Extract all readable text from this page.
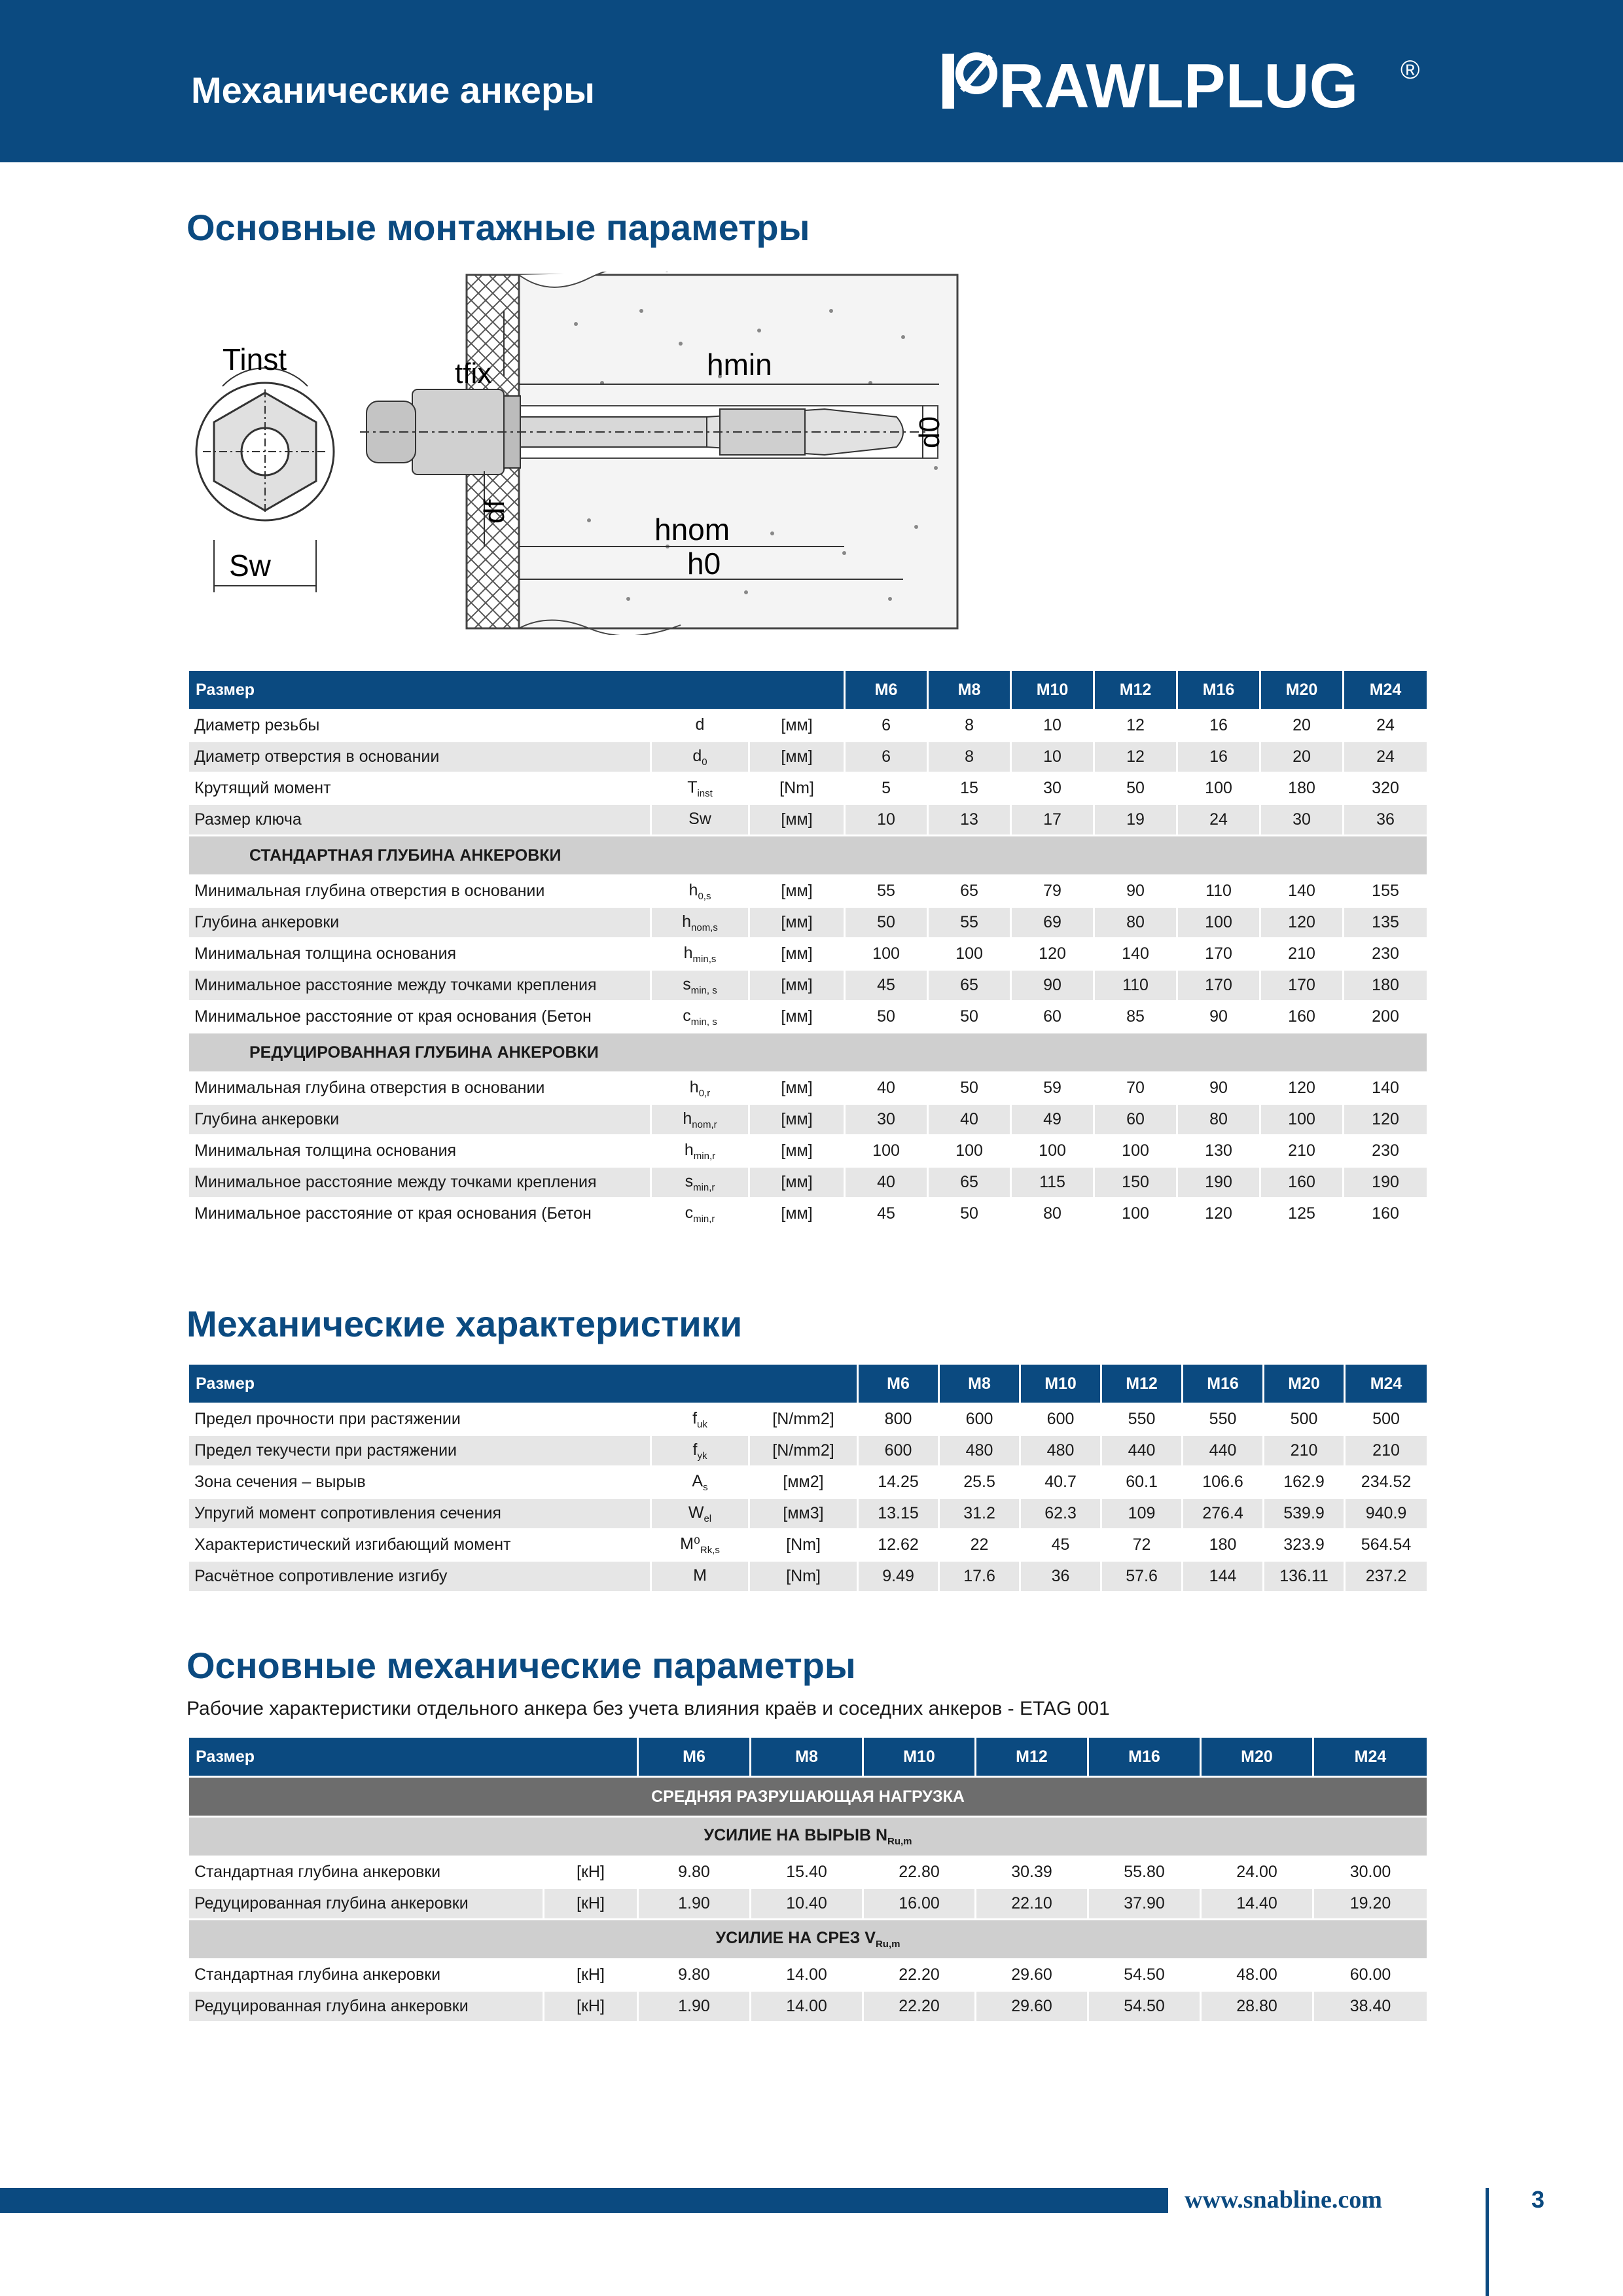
Механические анкеры	RAWLPLUG ®
Основные монтажные параметры
tfix	hmin
d0
df
hnom
h0
Tinst
Sw
Размер			M6	M8	M10	M12	M16	M20	M24
Диаметр резьбы	d	[мм]	6	8	10	12	16	20	24
Диаметр отверстия в основании	$d_0$	[мм]	6	8	10	12	16	20	24
Крутящий момент	$T_{inst}$	[Nm]	5	15	30	50	100	180	320
Размер ключа	Sw	[мм]	10	13	17	19	24	30	36
СТАНДАРТНАЯ ГЛУБИНА АНКЕРОВКИ									
Минимальная глубина отверстия в основании	$h_{0,s}$	[мм]	55	65	79	90	110	140	155
Глубина анкеровки	$h_{nom,s}$	[мм]	50	55	69	80	100	120	135
Минимальная толщина основания	$h_{min,s}$	[мм]	100	100	120	140	170	210	230
Минимальное расстояние между точками крепления	$s_{min, s}$	[мм]	45	65	90	110	170	170	180
Минимальное расстояние от края основания (Бетон	$c_{min, s}$	[мм]	50	50	60	85	90	160	200
РЕДУЦИРОВАННАЯ ГЛУБИНА АНКЕРОВКИ									
Минимальная глубина отверстия в основании	$h_{0,r}$	[мм]	40	50	59	70	90	120	140
Глубина анкеровки	$h_{nom,r}$	[мм]	30	40	49	60	80	100	120
Минимальная толщина основания	$h_{min,r}$	[мм]	100	100	100	100	130	210	230
Минимальное расстояние между точками крепления	$s_{min,r}$	[мм]	40	65	115	150	190	160	190
Минимальное расстояние от края основания (Бетон	$c_{min,r}$	[мм]	45	50	80	100	120	125	160
Механические характеристики
Размер			M6	M8	M10	M12	M16	M20	M24
Предел прочности при растяжении	$f_{uk}$	[N/mm2]	800	600	600	550	550	500	500
Предел текучести при растяжении	$f_{yk}$	[N/mm2]	600	480	480	440	440	210	210
Зона сечения – вырыв	$A_s$	[мм2]	14.25	25.5	40.7	60.1	106.6	162.9	234.52
Упругий момент сопротивления сечения	$W_{el}$	[мм3]	13.15	31.2	62.3	109	276.4	539.9	940.9
Характеристический изгибающий момент	$M^0_{Rk,s}$	[Nm]	12.62	22	45	72	180	323.9	564.54
Расчётное сопротивление изгибу	M	[Nm]	9.49	17.6	36	57.6	144	136.11	237.2
Основные механические параметры
Рабочие характеристики отдельного анкера без учета влияния краёв и соседних анкеров - ETAG 001
Размер		M6	M8	M10	M12	M16	M20	M24
СРЕДНЯЯ РАЗРУШАЮЩАЯ НАГРУЗКА								
УСИЛИЕ НА ВЫРЫВ $N_{Ru,m}$
Стандартная глубина анкеровки	[кН]	9.80	15.40	22.80	30.39	55.80	24.00	30.00
Редуцированная глубина анкеровки	[кН]	1.90	10.40	16.00	22.10	37.90	14.40	19.20
УСИЛИЕ НА СРЕЗ $V_{Ru,m}$
Стандартная глубина анкеровки	[кН]	9.80	14.00	22.20	29.60	54.50	48.00	60.00
Редуцированная глубина анкеровки	[кН]	1.90	14.00	22.20	29.60	54.50	28.80	38.40
www.snabline.com	3
